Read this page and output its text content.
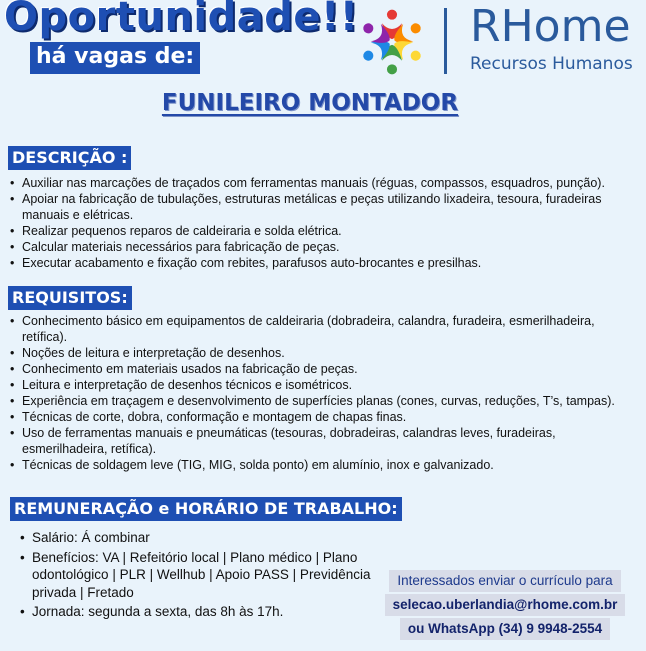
Oportunidade!!
há vagas de:
RHome
Recursos Humanos
FUNILEIRO MONTADOR
DESCRIÇÃO :
• Auxiliar nas marcações de traçados com ferramentas manuais (réguas, compassos, esquadros, punção).
• Apoiar na fabricação de tubulações, estruturas metálicas e peças utilizando lixadeira, tesoura, furadeiras manuais e elétricas.
• Realizar pequenos reparos de caldeiraria e solda elétrica.
• Calcular materiais necessários para fabricação de peças.
• Executar acabamento e fixação com rebites, parafusos auto-brocantes e presilhas.
REQUISITOS:
• Conhecimento básico em equipamentos de caldeiraria (dobradeira, calandra, furadeira, esmerilhadeira, retífica).
• Noções de leitura e interpretação de desenhos.
• Conhecimento em materiais usados na fabricação de peças.
• Leitura e interpretação de desenhos técnicos e isométricos.
• Experiência em traçagem e desenvolvimento de superfícies planas (cones, curvas, reduções, T’s, tampas).
• Técnicas de corte, dobra, conformação e montagem de chapas finas.
• Uso de ferramentas manuais e pneumáticas (tesouras, dobradeiras, calandras leves, furadeiras, esmerilhadeira, retífica).
• Técnicas de soldagem leve (TIG, MIG, solda ponto) em alumínio, inox e galvanizado.
REMUNERAÇÃO e HORÁRIO DE TRABALHO:
• Salário: Á combinar
• Benefícios: VA | Refeitório local | Plano médico | Plano odontológico | PLR | Wellhub | Apoio PASS | Previdência privada | Fretado
• Jornada: segunda a sexta, das 8h às 17h.
Interessados enviar o currículo para selecao.uberlandia@rhome.com.br ou WhatsApp (34) 9 9948-2554
